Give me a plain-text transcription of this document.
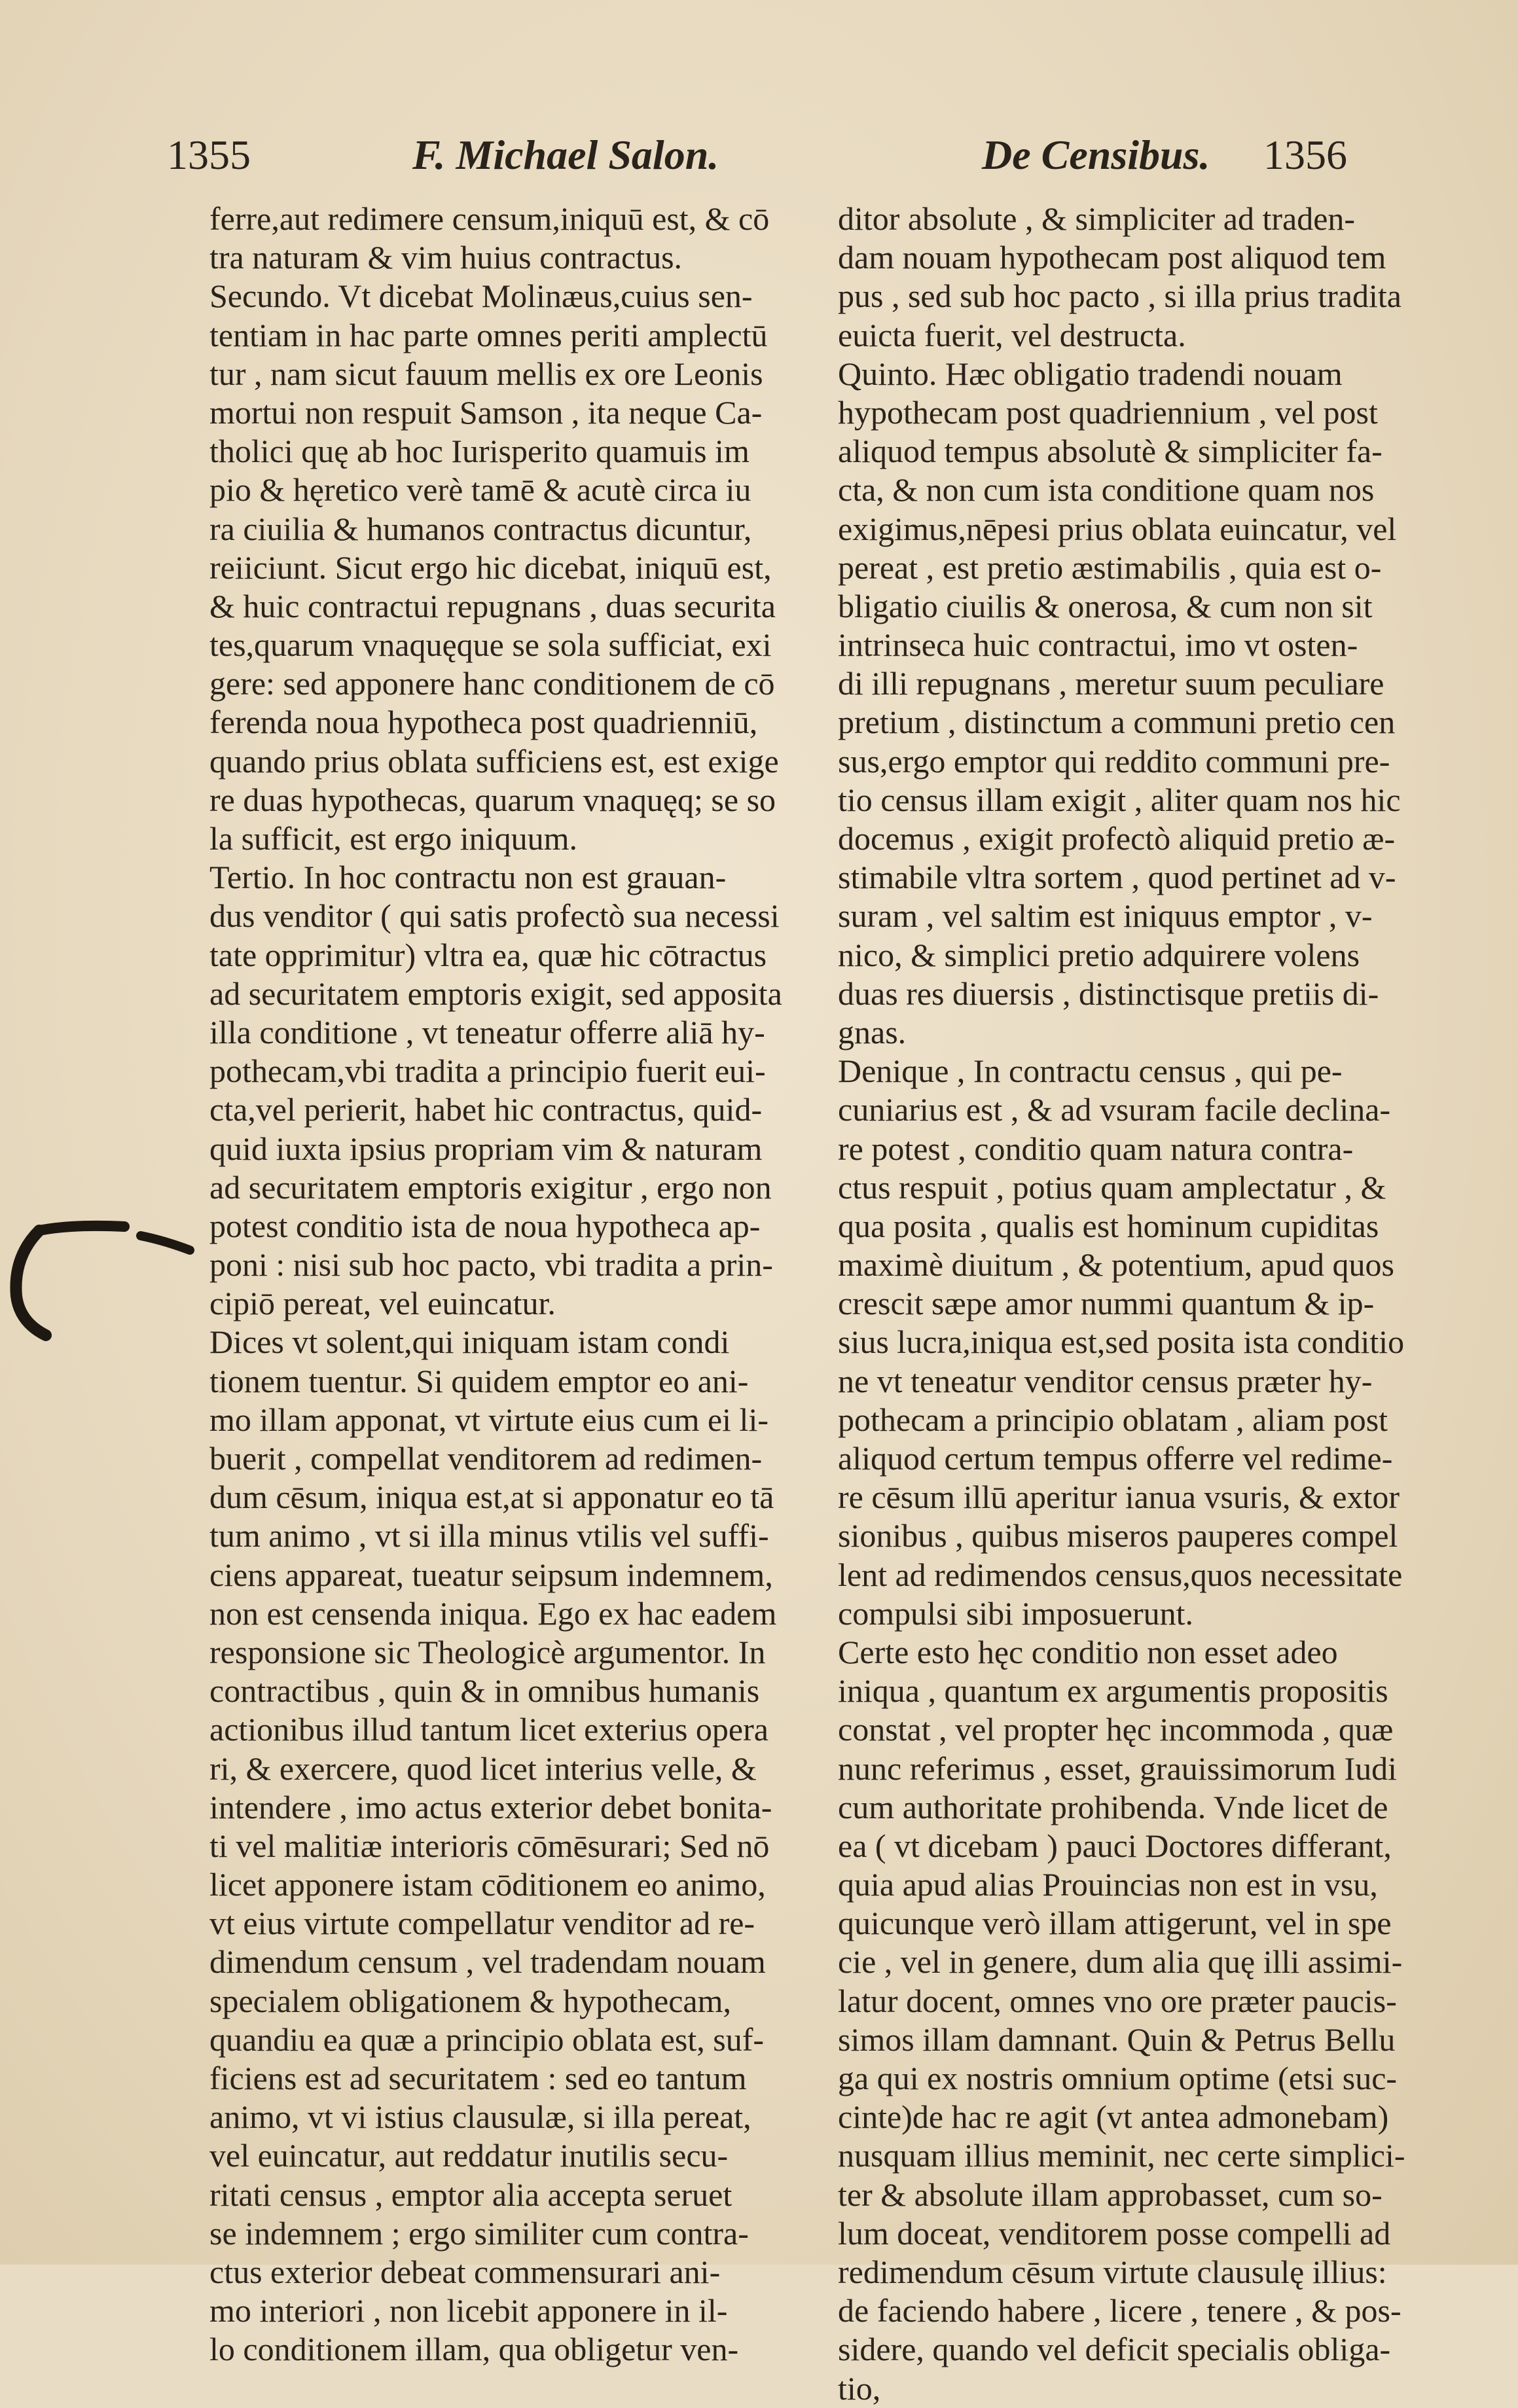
1355	F. Michael Salon.	De Censibus. 1356
ferre,aut redimere censum,iniquū est, & cō
tra naturam & vim huius contractus.
Secundo. Vt dicebat Molinæus,cuius sen-
tentiam in hac parte omnes periti amplectū
tur , nam sicut fauum mellis ex ore Leonis
mortui non respuit Samson , ita neque Ca-
tholici quę ab hoc Iurisperito quamuis im
pio & hęretico verè tamē & acutè circa iu
ra ciuilia & humanos contractus dicuntur,
reiiciunt. Sicut ergo hic dicebat, iniquū est,
& huic contractui repugnans , duas securita
tes,quarum vnaquęque se sola sufficiat, exi
gere: sed apponere hanc conditionem de cō
ferenda noua hypotheca post quadrienniū,
quando prius oblata sufficiens est, est exige
re duas hypothecas, quarum vnaquęq; se so
la sufficit, est ergo iniquum.
Tertio. In hoc contractu non est grauan-
dus venditor ( qui satis profectò sua necessi
tate opprimitur) vltra ea, quæ hic cōtractus
ad securitatem emptoris exigit, sed apposita
illa conditione , vt teneatur offerre aliā hy-
pothecam,vbi tradita a principio fuerit eui-
cta,vel perierit, habet hic contractus, quid-
quid iuxta ipsius propriam vim & naturam
ad securitatem emptoris exigitur , ergo non
potest conditio ista de noua hypotheca ap-
poni : nisi sub hoc pacto, vbi tradita a prin-
cipiō pereat, vel euincatur.
Dices vt solent,qui iniquam istam condi
tionem tuentur. Si quidem emptor eo ani-
mo illam apponat, vt virtute eius cum ei li-
buerit , compellat venditorem ad redimen-
dum cēsum, iniqua est,at si apponatur eo tā
tum animo , vt si illa minus vtilis vel suffi-
ciens appareat, tueatur seipsum indemnem,
non est censenda iniqua. Ego ex hac eadem
responsione sic Theologicè argumentor. In
contractibus , quin & in omnibus humanis
actionibus illud tantum licet exterius opera
ri, & exercere, quod licet interius velle, &
intendere , imo actus exterior debet bonita-
ti vel malitiæ interioris cōmēsurari; Sed nō
licet apponere istam cōditionem eo animo,
vt eius virtute compellatur venditor ad re-
dimendum censum , vel tradendam nouam
specialem obligationem & hypothecam,
quandiu ea quæ a principio oblata est, suf-
ficiens est ad securitatem : sed eo tantum
animo, vt vi istius clausulæ, si illa pereat,
vel euincatur, aut reddatur inutilis secu-
ritati census , emptor alia accepta seruet
se indemnem ; ergo similiter cum contra-
ctus exterior debeat commensurari ani-
mo interiori , non licebit apponere in il-
lo conditionem illam, qua obligetur ven-
ditor absolute , & simpliciter ad traden-
dam nouam hypothecam post aliquod tem
pus , sed sub hoc pacto , si illa prius tradita
euicta fuerit, vel destructa.
Quinto. Hæc obligatio tradendi nouam
hypothecam post quadriennium , vel post
aliquod tempus absolutè & simpliciter fa-
cta, & non cum ista conditione quam nos
exigimus,nēpesi prius oblata euincatur, vel
pereat , est pretio æstimabilis , quia est o-
bligatio ciuilis & onerosa, & cum non sit
intrinseca huic contractui, imo vt osten-
di illi repugnans , meretur suum peculiare
pretium , distinctum a communi pretio cen
sus,ergo emptor qui reddito communi pre-
tio census illam exigit , aliter quam nos hic
docemus , exigit profectò aliquid pretio æ-
stimabile vltra sortem , quod pertinet ad v-
suram , vel saltim est iniquus emptor , v-
nico, & simplici pretio adquirere volens
duas res diuersis , distinctisque pretiis di-
gnas.
Denique , In contractu census , qui pe-
cuniarius est , & ad vsuram facile declina-
re potest , conditio quam natura contra-
ctus respuit , potius quam amplectatur , &
qua posita , qualis est hominum cupiditas
maximè diuitum , & potentium, apud quos
crescit sæpe amor nummi quantum & ip-
sius lucra,iniqua est,sed posita ista conditio
ne vt teneatur venditor census præter hy-
pothecam a principio oblatam , aliam post
aliquod certum tempus offerre vel redime-
re cēsum illū aperitur ianua vsuris, & extor
sionibus , quibus miseros pauperes compel
lent ad redimendos census,quos necessitate
compulsi sibi imposuerunt.
Certe esto hęc conditio non esset adeo
iniqua , quantum ex argumentis propositis
constat , vel propter hęc incommoda , quæ
nunc referimus , esset, grauissimorum Iudi
cum authoritate prohibenda. Vnde licet de
ea ( vt dicebam ) pauci Doctores differant,
quia apud alias Prouincias non est in vsu,
quicunque verò illam attigerunt, vel in spe
cie , vel in genere, dum alia quę illi assimi-
latur docent, omnes vno ore præter paucis-
simos illam damnant. Quin & Petrus Bellu
ga qui ex nostris omnium optime (etsi suc-
cinte)de hac re agit (vt antea admonebam)
nusquam illius meminit, nec certe simplici-
ter & absolute illam approbasset, cum so-
lum doceat, venditorem posse compelli ad
redimendum cēsum virtute clausulę illius:
de faciendo habere , licere , tenere , & pos-
sidere, quando vel deficit specialis obliga-
tio,
